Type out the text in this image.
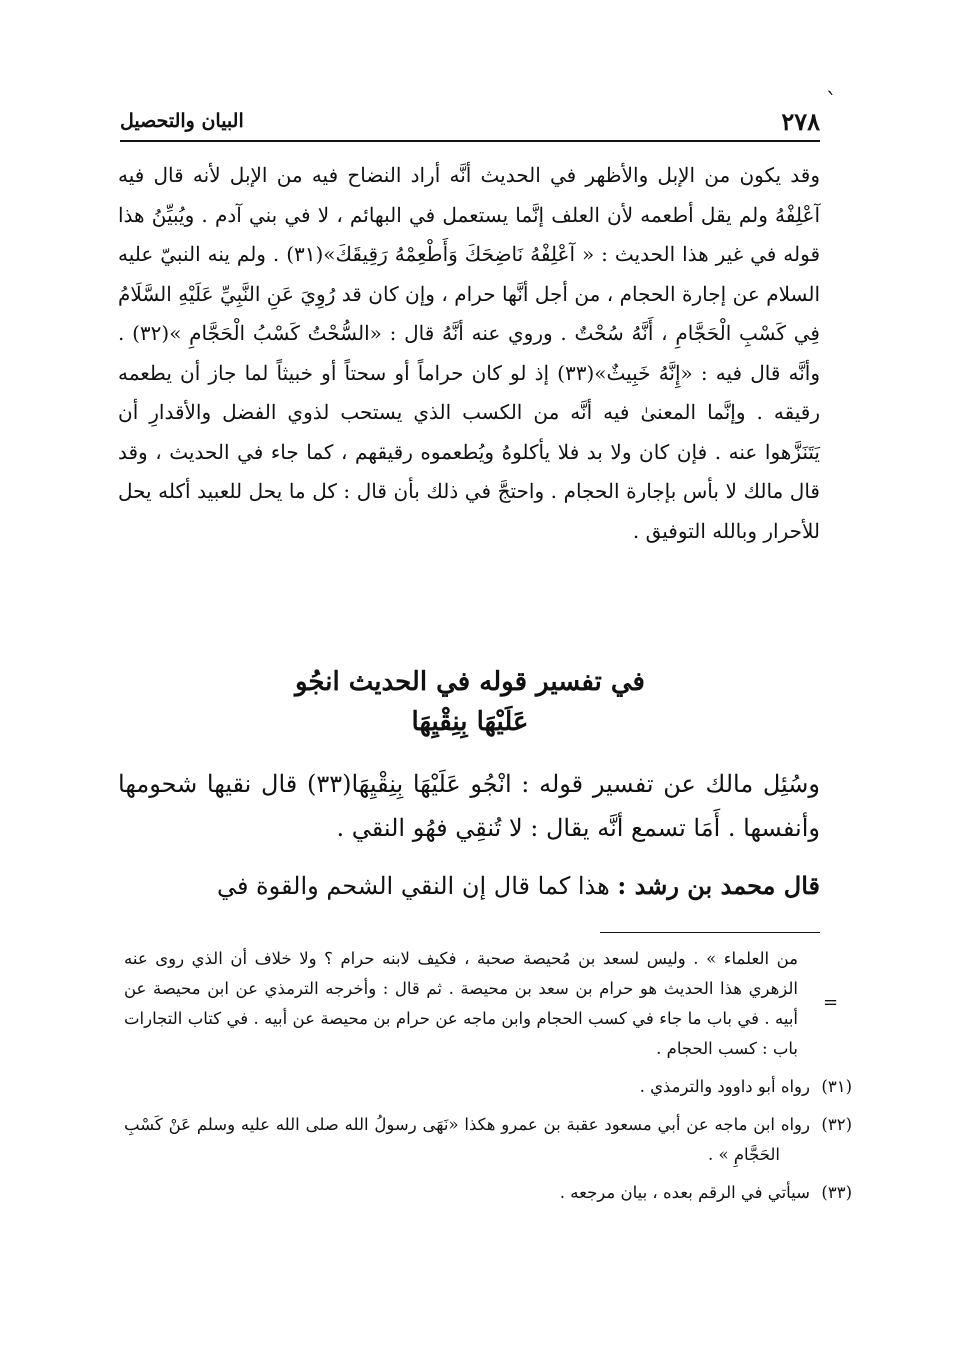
`
٢٧٨
البيان والتحصيل

وقد يكون من الإبل والأظهر في الحديث أنَّه أراد النضاح فيه من الإبل لأنه قال فيه آعْلِفْهُ ولم يقل أطعمه لأن العلف إنَّما يستعمل في البهائم ، لا في بني آدم . ويُبيِّنُ هذا قوله في غير هذا الحديث : « آعْلِفْهُ نَاضِحَكَ وَأَطْعِمْهُ رَقِيقَكَ»(٣١) . ولم ينه النبيّ عليه السلام عن إجارة الحجام ، من أجل أنَّها حرام ، وإن كان قد رُوِيَ عَنِ النَّبِيِّ عَلَيْهِ السَّلَامُ فِي كَسْبِ الْحَجَّامِ ، أَنَّهُ سُحْتٌ . وروي عنه أنَّهُ قال : «السُّحْتُ كَسْبُ الْحَجَّامِ »(٣٢) . وأنَّه قال فيه : «إِنَّهُ خَبِيثٌ»(٣٣) إذ لو كان حراماً أو سحتاً أو خبيثاً لما جاز أن يطعمه رقيقه . وإنَّما المعنىٰ فيه أنَّه من الكسب الذي يستحب لذوي الفضل والأقدارِ أن يَتَنَزَّهوا عنه . فإن كان ولا بد فلا يأكلوهُ ويُطعموه رقيقهم ، كما جاء في الحديث ، وقد قال مالك لا بأس بإجارة الحجام . واحتجَّ في ذلك بأن قال : كل ما يحل للعبيد أكله يحل للأحرار وبالله التوفيق .

في تفسير قوله في الحديث انجُو
عَلَيْهَا بِنِقْيِهَا

وسُئِل مالك عن تفسير قوله : انْجُو عَلَيْهَا بِنِقْيِهَا(٣٣) قال نقيها شحومها وأنفسها . أَمَا تسمع أنَّه يقال : لا تُنقِي فهُو النقي .

قال محمد بن رشد : هذا كما قال إن النقي الشحم والقوة في

=

من العلماء » . وليس لسعد بن مُحيصة صحبة ، فكيف لابنه حرام ؟ ولا خلاف أن الذي روى عنه الزهري هذا الحديث هو حرام بن سعد بن محيصة . ثم قال : وأخرجه الترمذي عن ابن محيصة عن أبيه . في باب ما جاء في كسب الحجام وابن ماجه عن حرام بن محيصة عن أبيه . في كتاب التجارات باب : كسب الحجام .

(٣١)رواه أبو داوود والترمذي .

(٣٢)رواه ابن ماجه عن أبي مسعود عقبة بن عمرو هكذا «نَهَى رسولُ الله صلى الله عليه وسلم عَنْ كَسْبِ الحَجَّامِ » .

(٣٣)سيأتي في الرقم بعده ، بيان مرجعه .
